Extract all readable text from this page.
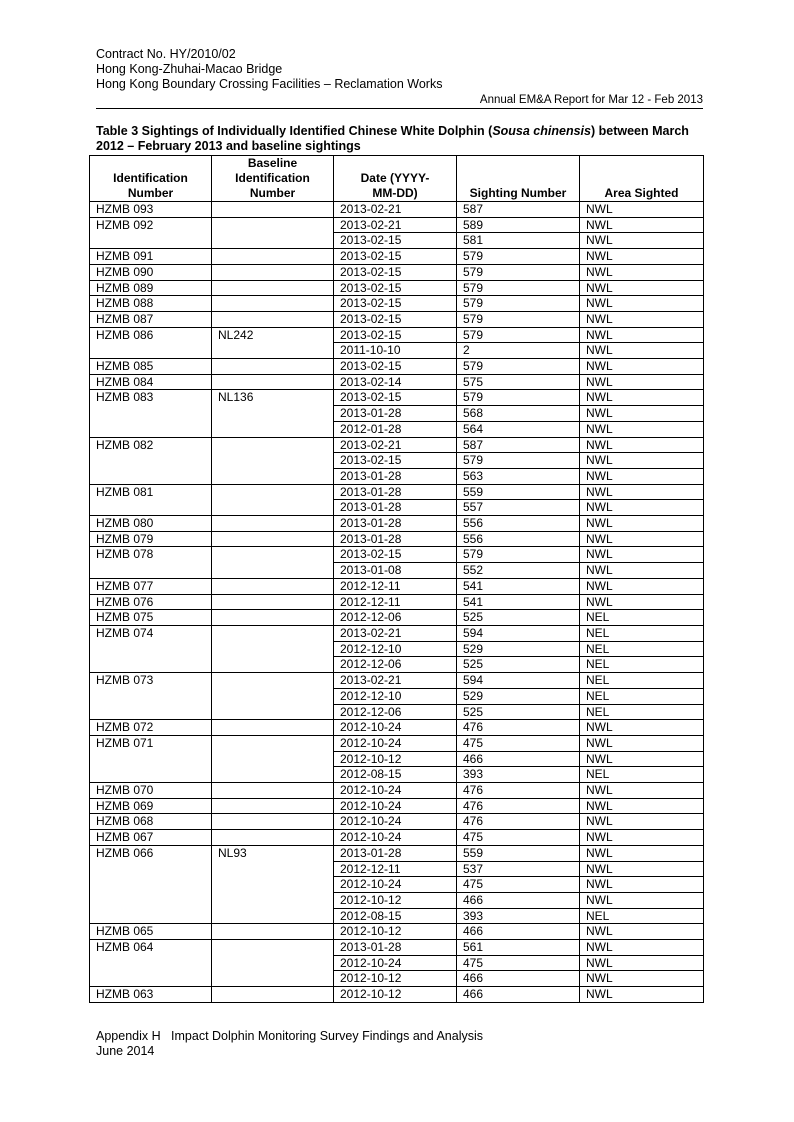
Contract No. HY/2010/02
Hong Kong-Zhuhai-Macao Bridge
Hong Kong Boundary Crossing Facilities – Reclamation Works
Annual EM&A Report for Mar 12 - Feb 2013
Table 3 Sightings of Individually Identified Chinese White Dolphin (Sousa chinensis) between March 2012 – February 2013 and baseline sightings
Identification Number	Baseline Identification Number	Date (YYYY-MM-DD)	Sighting Number	Area Sighted
HZMB 093		2013-02-21	587	NWL
HZMB 092		2013-02-21	589	NWL
		2013-02-15	581	NWL
HZMB 091		2013-02-15	579	NWL
HZMB 090		2013-02-15	579	NWL
HZMB 089		2013-02-15	579	NWL
HZMB 088		2013-02-15	579	NWL
HZMB 087		2013-02-15	579	NWL
HZMB 086	NL242	2013-02-15	579	NWL
		2011-10-10	2	NWL
HZMB 085		2013-02-15	579	NWL
HZMB 084		2013-02-14	575	NWL
HZMB 083	NL136	2013-02-15	579	NWL
		2013-01-28	568	NWL
		2012-01-28	564	NWL
HZMB 082		2013-02-21	587	NWL
		2013-02-15	579	NWL
		2013-01-28	563	NWL
HZMB 081		2013-01-28	559	NWL
		2013-01-28	557	NWL
HZMB 080		2013-01-28	556	NWL
HZMB 079		2013-01-28	556	NWL
HZMB 078		2013-02-15	579	NWL
		2013-01-08	552	NWL
HZMB 077		2012-12-11	541	NWL
HZMB 076		2012-12-11	541	NWL
HZMB 075		2012-12-06	525	NEL
HZMB 074		2013-02-21	594	NEL
		2012-12-10	529	NEL
		2012-12-06	525	NEL
HZMB 073		2013-02-21	594	NEL
		2012-12-10	529	NEL
		2012-12-06	525	NEL
HZMB 072		2012-10-24	476	NWL
HZMB 071		2012-10-24	475	NWL
		2012-10-12	466	NWL
		2012-08-15	393	NEL
HZMB 070		2012-10-24	476	NWL
HZMB 069		2012-10-24	476	NWL
HZMB 068		2012-10-24	476	NWL
HZMB 067		2012-10-24	475	NWL
HZMB 066	NL93	2013-01-28	559	NWL
		2012-12-11	537	NWL
		2012-10-24	475	NWL
		2012-10-12	466	NWL
		2012-08-15	393	NEL
HZMB 065		2012-10-12	466	NWL
HZMB 064		2013-01-28	561	NWL
		2012-10-24	475	NWL
		2012-10-12	466	NWL
HZMB 063		2012-10-12	466	NWL
Appendix H   Impact Dolphin Monitoring Survey Findings and Analysis
June 2014
